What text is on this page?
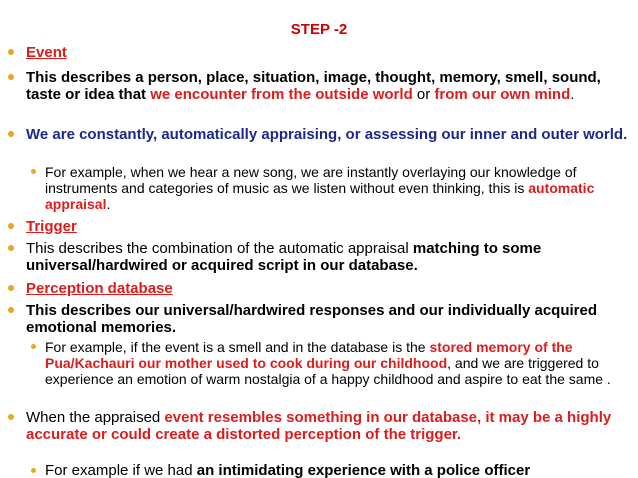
STEP -2
Event
This describes a person, place, situation, image, thought, memory, smell, sound, taste or idea that we encounter from the outside world or from our own mind.
We are constantly, automatically appraising, or assessing our inner and outer world.
For example, when we hear a new song, we are instantly overlaying our knowledge of instruments and categories of music as we listen without even thinking, this is automatic appraisal.
Trigger
This describes the combination of the automatic appraisal matching to some universal/hardwired or acquired script in our database.
Perception database
This describes our universal/hardwired responses and our individually acquired emotional memories.
For example, if the event is a smell and in the database is the stored memory of the Pua/Kachauri our mother used to cook during our childhood, and we are triggered to experience an emotion of warm nostalgia of a happy childhood and aspire to eat the same .
When the appraised event resembles something in our database, it may be a highly accurate or could create a distorted perception of the trigger.
For example if we had an intimidating experience with a police officer
